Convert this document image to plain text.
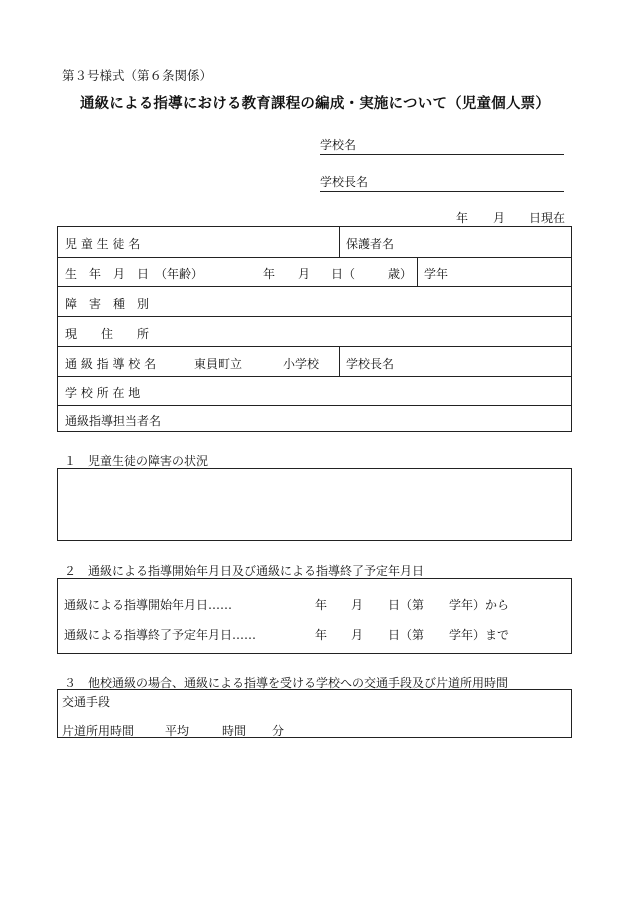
第３号様式（第６条関係）
通級による指導における教育課程の編成・実施について（児童個人票）
学校名
学校長名
年 月 日現在
児 童 生 徒 名	保護者名
生　年　月　日　（年齢）	年 月 日（	歳） 学年
障　害　種　別
現　　住　　所
通 級 指 導 校 名	東員町立	小学校 学校長名
学 校 所 在 地
通級指導担当者名
１　児童生徒の障害の状況
２　通級による指導開始年月日及び通級による指導終了予定年月日
通級による指導開始年月日……	年 月 日（第 学年）から
通級による指導終了予定年月日……	年 月 日（第 学年）まで
３　他校通級の場合、通級による指導を受ける学校への交通手段及び片道所用時間
交通手段
片道所用時間	平均	時間 分
